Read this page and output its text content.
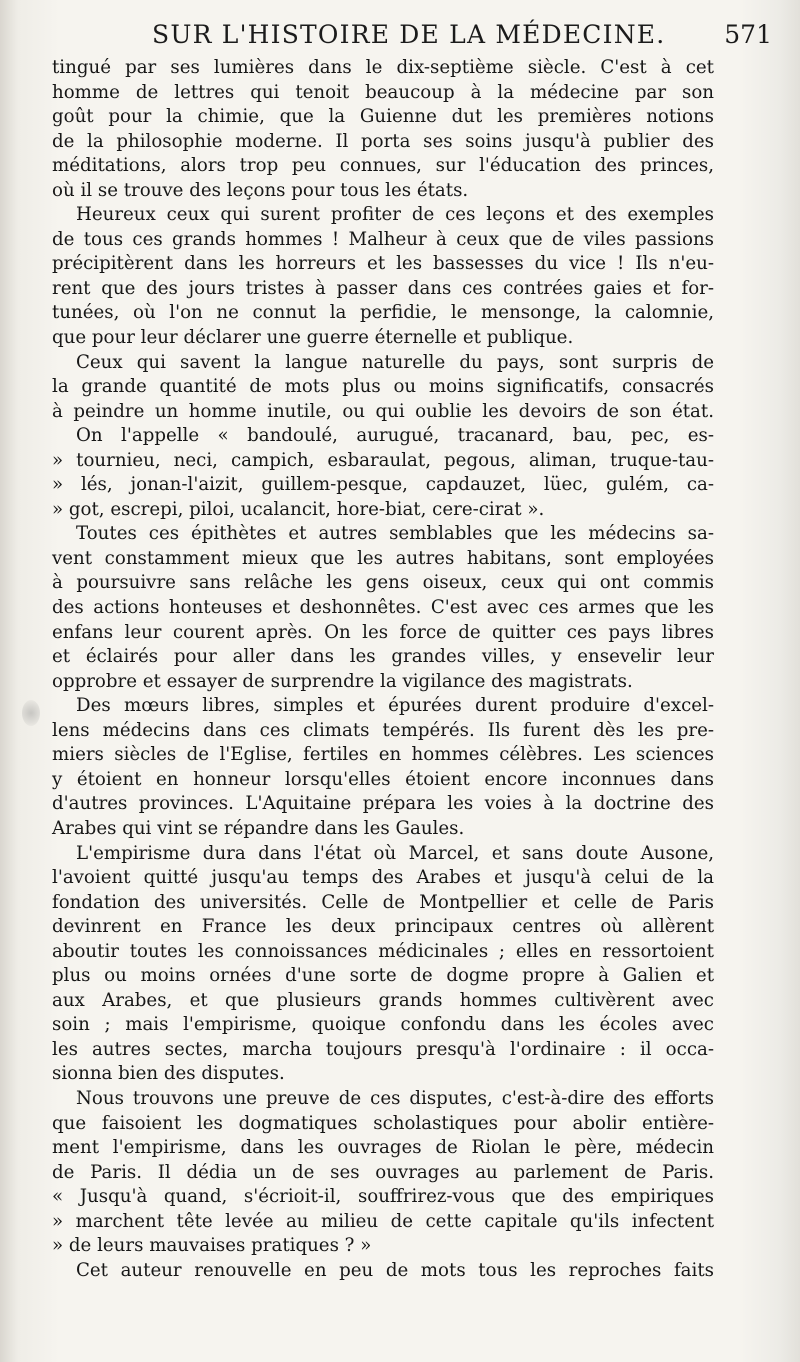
SUR L'HISTOIRE DE LA MÉDECINE. 571
tingué par ses lumières dans le dix-septième siècle. C'est à cet
homme de lettres qui tenoit beaucoup à la médecine par son
goût pour la chimie, que la Guienne dut les premières notions
de la philosophie moderne. Il porta ses soins jusqu'à publier des
méditations, alors trop peu connues, sur l'éducation des princes,
où il se trouve des leçons pour tous les états.
Heureux ceux qui surent profiter de ces leçons et des exemples
de tous ces grands hommes ! Malheur à ceux que de viles passions
précipitèrent dans les horreurs et les bassesses du vice ! Ils n'eu-
rent que des jours tristes à passer dans ces contrées gaies et for-
tunées, où l'on ne connut la perfidie, le mensonge, la calomnie,
que pour leur déclarer une guerre éternelle et publique.
Ceux qui savent la langue naturelle du pays, sont surpris de
la grande quantité de mots plus ou moins significatifs, consacrés
à peindre un homme inutile, ou qui oublie les devoirs de son état.
On l'appelle « bandoulé, aurugué, tracanard, bau, pec, es-
» tournieu, neci, campich, esbaraulat, pegous, aliman, truque-tau-
» lés, jonan-l'aizit, guillem-pesque, capdauzet, lüec, gulém, ca-
» got, escrepi, piloi, ucalancit, hore-biat, cere-cirat ».
Toutes ces épithètes et autres semblables que les médecins sa-
vent constamment mieux que les autres habitans, sont employées
à poursuivre sans relâche les gens oiseux, ceux qui ont commis
des actions honteuses et deshonnêtes. C'est avec ces armes que les
enfans leur courent après. On les force de quitter ces pays libres
et éclairés pour aller dans les grandes villes, y ensevelir leur
opprobre et essayer de surprendre la vigilance des magistrats.
Des mœurs libres, simples et épurées durent produire d'excel-
lens médecins dans ces climats tempérés. Ils furent dès les pre-
miers siècles de l'Eglise, fertiles en hommes célèbres. Les sciences
y étoient en honneur lorsqu'elles étoient encore inconnues dans
d'autres provinces. L'Aquitaine prépara les voies à la doctrine des
Arabes qui vint se répandre dans les Gaules.
L'empirisme dura dans l'état où Marcel, et sans doute Ausone,
l'avoient quitté jusqu'au temps des Arabes et jusqu'à celui de la
fondation des universités. Celle de Montpellier et celle de Paris
devinrent en France les deux principaux centres où allèrent
aboutir toutes les connoissances médicinales ; elles en ressortoient
plus ou moins ornées d'une sorte de dogme propre à Galien et
aux Arabes, et que plusieurs grands hommes cultivèrent avec
soin ; mais l'empirisme, quoique confondu dans les écoles avec
les autres sectes, marcha toujours presqu'à l'ordinaire : il occa-
sionna bien des disputes.
Nous trouvons une preuve de ces disputes, c'est-à-dire des efforts
que faisoient les dogmatiques scholastiques pour abolir entière-
ment l'empirisme, dans les ouvrages de Riolan le père, médecin
de Paris. Il dédia un de ses ouvrages au parlement de Paris.
« Jusqu'à quand, s'écrioit-il, souffrirez-vous que des empiriques
» marchent tête levée au milieu de cette capitale qu'ils infectent
» de leurs mauvaises pratiques ? »
Cet auteur renouvelle en peu de mots tous les reproches faits
